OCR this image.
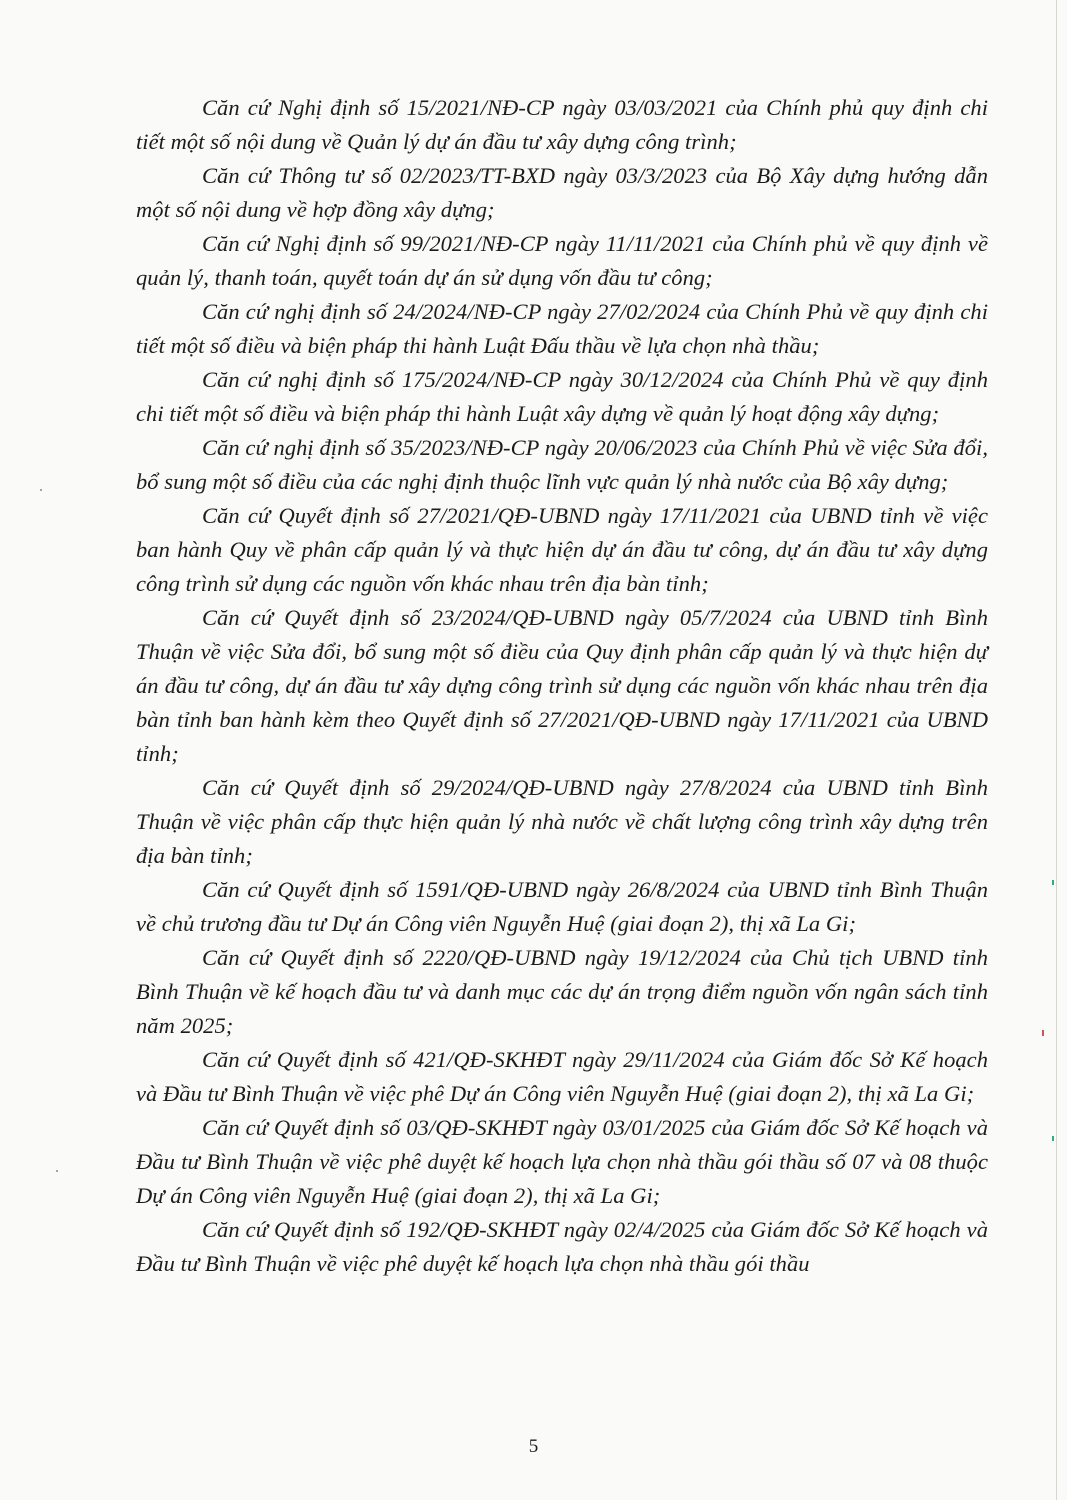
Căn cứ Nghị định số 15/2021/NĐ-CP ngày 03/03/2021 của Chính phủ quy định chi tiết một số nội dung về Quản lý dự án đầu tư xây dựng công trình;

Căn cứ Thông tư số 02/2023/TT-BXD ngày 03/3/2023 của Bộ Xây dựng hướng dẫn một số nội dung về hợp đồng xây dựng;

Căn cứ Nghị định số 99/2021/NĐ-CP ngày 11/11/2021 của Chính phủ về quy định về quản lý, thanh toán, quyết toán dự án sử dụng vốn đầu tư công;

Căn cứ nghị định số 24/2024/NĐ-CP ngày 27/02/2024 của Chính Phủ về quy định chi tiết một số điều và biện pháp thi hành Luật Đấu thầu về lựa chọn nhà thầu;

Căn cứ nghị định số 175/2024/NĐ-CP ngày 30/12/2024 của Chính Phủ về quy định chi tiết một số điều và biện pháp thi hành Luật xây dựng về quản lý hoạt động xây dựng;

Căn cứ nghị định số 35/2023/NĐ-CP ngày 20/06/2023 của Chính Phủ về việc Sửa đổi, bổ sung một số điều của các nghị định thuộc lĩnh vực quản lý nhà nước của Bộ xây dựng;

Căn cứ Quyết định số 27/2021/QĐ-UBND ngày 17/11/2021 của UBND tỉnh về việc ban hành Quy về phân cấp quản lý và thực hiện dự án đầu tư công, dự án đầu tư xây dựng công trình sử dụng các nguồn vốn khác nhau trên địa bàn tỉnh;

Căn cứ Quyết định số 23/2024/QĐ-UBND ngày 05/7/2024 của UBND tỉnh Bình Thuận về việc Sửa đổi, bổ sung một số điều của Quy định phân cấp quản lý và thực hiện dự án đầu tư công, dự án đầu tư xây dựng công trình sử dụng các nguồn vốn khác nhau trên địa bàn tỉnh ban hành kèm theo Quyết định số 27/2021/QĐ-UBND ngày 17/11/2021 của UBND tỉnh;

Căn cứ Quyết định số 29/2024/QĐ-UBND ngày 27/8/2024 của UBND tỉnh Bình Thuận về việc phân cấp thực hiện quản lý nhà nước về chất lượng công trình xây dựng trên địa bàn tỉnh;

Căn cứ Quyết định số 1591/QĐ-UBND ngày 26/8/2024 của UBND tỉnh Bình Thuận về chủ trương đầu tư Dự án Công viên Nguyễn Huệ (giai đoạn 2), thị xã La Gi;

Căn cứ Quyết định số 2220/QĐ-UBND ngày 19/12/2024 của Chủ tịch UBND tỉnh Bình Thuận về kế hoạch đầu tư và danh mục các dự án trọng điểm nguồn vốn ngân sách tỉnh năm 2025;

Căn cứ Quyết định số 421/QĐ-SKHĐT ngày 29/11/2024 của Giám đốc Sở Kế hoạch và Đầu tư Bình Thuận về việc phê Dự án Công viên Nguyễn Huệ (giai đoạn 2), thị xã La Gi;

Căn cứ Quyết định số 03/QĐ-SKHĐT ngày 03/01/2025 của Giám đốc Sở Kế hoạch và Đầu tư Bình Thuận về việc phê duyệt kế hoạch lựa chọn nhà thầu gói thầu số 07 và 08 thuộc Dự án Công viên Nguyễn Huệ (giai đoạn 2), thị xã La Gi;

Căn cứ Quyết định số 192/QĐ-SKHĐT ngày 02/4/2025 của Giám đốc Sở Kế hoạch và Đầu tư Bình Thuận về việc phê duyệt kế hoạch lựa chọn nhà thầu gói thầu

5
